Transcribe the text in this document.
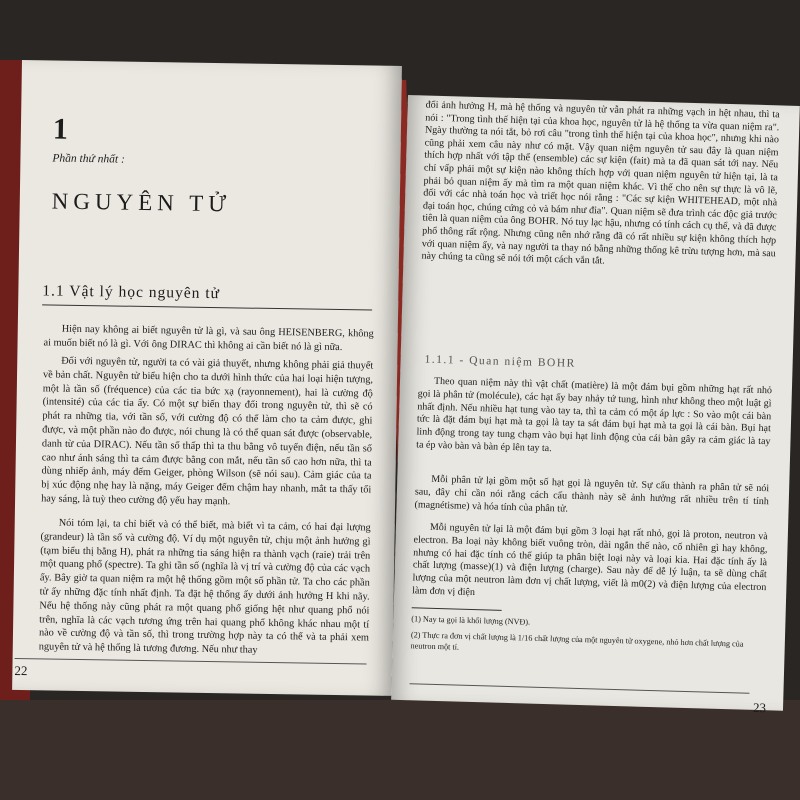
1
Phần thứ nhất :
NGUYÊN TỬ
1.1 Vật lý học nguyên tử

Hiện nay không ai biết nguyên tử là gì, và sau ông HEISENBERG, không ai muốn biết nó là gì. Với ông DIRAC thì không ai cần biết nó là gì nữa.

Đối với nguyên tử, người ta có vài giả thuyết, nhưng không phải giả thuyết về bản chất. Nguyên tử biểu hiện cho ta dưới hình thức của hai loại hiện tượng, một là tần số (fréquence) của các tia bức xạ (rayonnement), hai là cường độ (intensité) của các tia ấy. Có một sự biến thay đổi trong nguyên tử, thì sẽ có phát ra những tia, với tần số, với cường độ có thể làm cho ta cảm được, ghi được, và một phần nào đo được, nói chung là có thể quan sát được (observable, danh từ của DIRAC). Nếu tần số thấp thì ta thu bằng vô tuyến điện, nếu tần số cao như ánh sáng thì ta cảm được bằng con mắt, nếu tần số cao hơn nữa, thì ta dùng nhiếp ảnh, máy đếm Geiger, phòng Wilson (sẽ nói sau). Cảm giác của ta bị xúc động nhẹ hay là nặng, máy Geiger đếm chậm hay nhanh, mắt ta thấy tối hay sáng, là tuỳ theo cường độ yếu hay mạnh.

Nói tóm lại, ta chỉ biết và có thể biết, mà biết vì ta cảm, có hai đại lượng (grandeur) là tần số và cường độ. Ví dụ một nguyên tử, chịu một ảnh hưởng gì (tạm biểu thị bằng H), phát ra những tia sáng hiện ra thành vạch (raie) trải trên một quang phổ (spectre). Ta ghi tần số (nghĩa là vị trí và cường độ của các vạch ấy. Bây giờ ta quan niệm ra một hệ thống gồm một số phần tử. Ta cho các phần tử ấy những đặc tính nhất định. Ta đặt hệ thống ấy dưới ảnh hưởng H khi nãy. Nếu hệ thống này cũng phát ra một quang phổ giống hệt như quang phổ nói trên, nghĩa là các vạch tương ứng trên hai quang phổ không khác nhau một tí nào về cường độ và tần số, thì trong trường hợp này ta có thể và ta phải xem nguyên tử và hệ thống là tương đương. Nếu như thay

22

đổi ảnh hưởng H, mà hệ thống và nguyên tử vẫn phát ra những vạch in hệt nhau, thì ta nói : "Trong tình thế hiện tại của khoa học, nguyên tử là hệ thống ta vừa quan niệm ra". Ngày thường ta nói tắt, bỏ rơi câu "trong tình thế hiện tại của khoa học", nhưng khi nào cũng phải xem câu này như có mặt. Vậy quan niệm nguyên tử sau đây là quan niệm thích hợp nhất với tập thể (ensemble) các sự kiện (fait) mà ta đã quan sát tới nay. Nếu chỉ vấp phải một sự kiện nào không thích hợp với quan niệm nguyên tử hiện tại, là ta phải bỏ quan niệm ấy mà tìm ra một quan niệm khác. Vì thế cho nên sự thực là vô lẽ, đối với các nhà toán học và triết học nói rằng : "Các sự kiện WHITEHEAD, một nhà đại toán học, chúng cứng cỏ và bám như đỉa". Quan niệm sẽ đưa trình các độc giả trước tiên là quan niệm của ông BOHR. Nó tuy lạc hậu, nhưng có tính cách cụ thể, và đã được phổ thông rất rộng. Nhưng cũng nên nhớ rằng đã có rất nhiều sự kiện không thích hợp với quan niệm ấy, và nay người ta thay nó bằng những thống kê trừu tượng hơn, mà sau này chúng ta cũng sẽ nói tới một cách vắn tắt.

1.1.1 - Quan niệm BOHR

Theo quan niệm này thì vật chất (matière) là một đám bụi gồm những hạt rất nhỏ gọi là phân tử (molécule), các hạt ấy bay nhảy tứ tung, hình như không theo một luật gì nhất định. Nếu nhiều hạt tung vào tay ta, thì ta cảm có một áp lực : So vào một cái bàn tức là đặt đám bụi hạt mà ta gọi là tay ta sát đám bụi hạt mà ta gọi là cái bàn. Bụi hạt linh động trong tay tung chạm vào bụi hạt linh động của cái bàn gây ra cảm giác là tay ta ép vào bàn và bàn ép lên tay ta.

Mỗi phân tử lại gồm một số hạt gọi là nguyên tử. Sự cấu thành ra phân tử sẽ nói sau, đây chỉ cần nói rằng cách cấu thành này sẽ ảnh hưởng rất nhiều trên tí tính (magnétisme) và hóa tính của phân tử.

Mỗi nguyên tử lại là một đám bụi gồm 3 loại hạt rất nhỏ, gọi là proton, neutron và electron. Ba loại này không biết vuông tròn, dài ngắn thế nào, cố nhiên gì hay không, nhưng có hai đặc tính có thể giúp ta phân biệt loại này và loại kia. Hai đặc tính ấy là chất lượng (masse)(1) và điện lượng (charge). Sau này để dễ lý luận, ta sẽ dùng chất lượng của một neutron làm đơn vị chất lượng, viết là m0(2) và điện lượng của electron làm đơn vị điện

(1) Nay ta gọi là khối lượng (NVĐ).

(2) Thực ra đơn vị chất lượng là 1/16 chất lượng của một nguyên tử oxygene, nhỏ hơn chất lượng của neutron một tí.

23
